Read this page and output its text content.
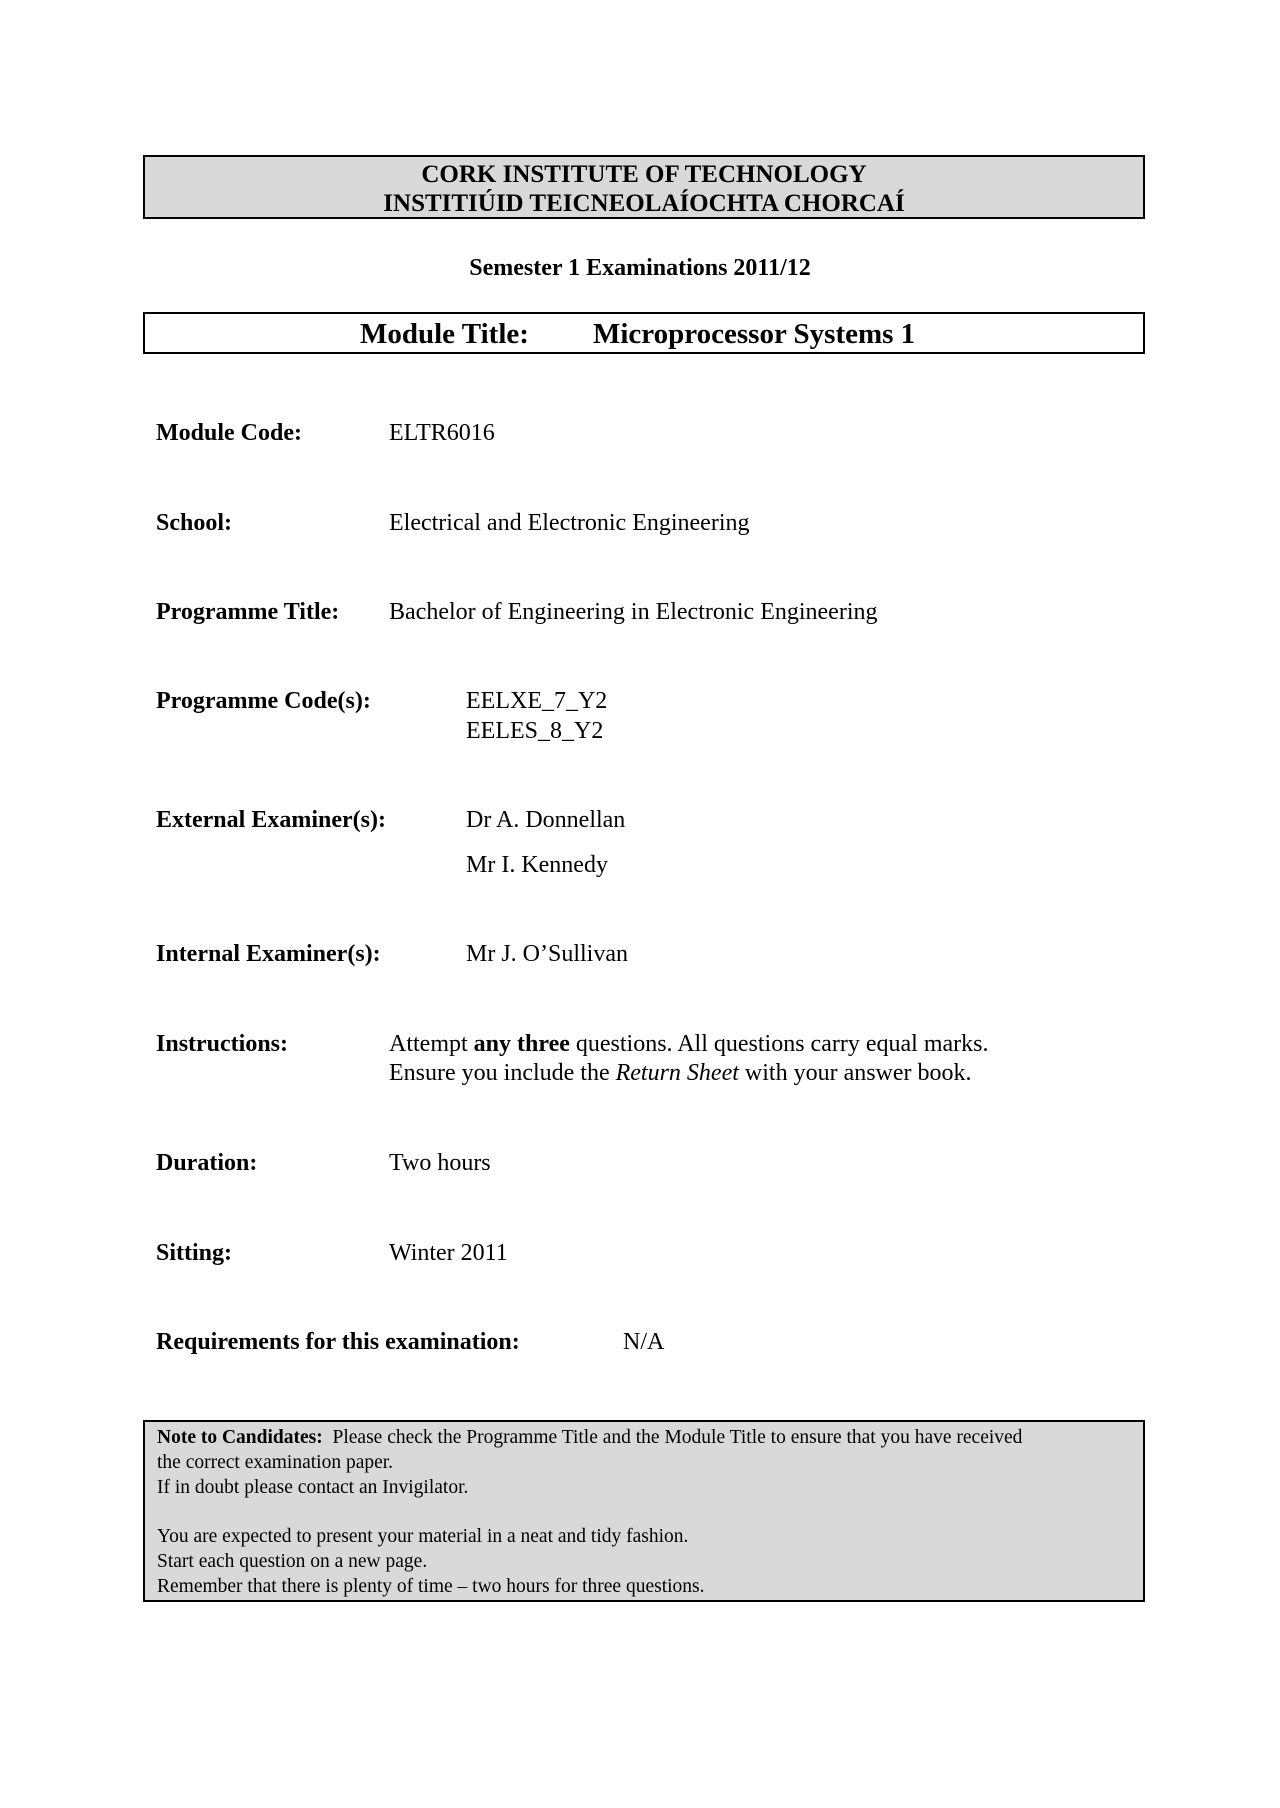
CORK INSTITUTE OF TECHNOLOGY
INSTITIÚID TEICNEOLAÍOCHTA CHORCAÍ
Semester 1 Examinations 2011/12
Module Title: Microprocessor Systems 1
Module Code:	ELTR6016
School:	Electrical and Electronic Engineering
Programme Title: Bachelor of Engineering in Electronic Engineering
Programme Code(s):	EELXE_7_Y2
EELES_8_Y2
External Examiner(s):	Dr A. Donnellan
Mr I. Kennedy
Internal Examiner(s):	Mr J. O’Sullivan
Instructions:	Attempt any three questions. All questions carry equal marks.
Ensure you include the Return Sheet with your answer book.
Duration:	Two hours
Sitting:	Winter 2011
Requirements for this examination:	N/A
Note to Candidates: Please check the Programme Title and the Module Title to ensure that you have received
the correct examination paper.
If in doubt please contact an Invigilator.
You are expected to present your material in a neat and tidy fashion.
Start each question on a new page.
Remember that there is plenty of time – two hours for three questions.
